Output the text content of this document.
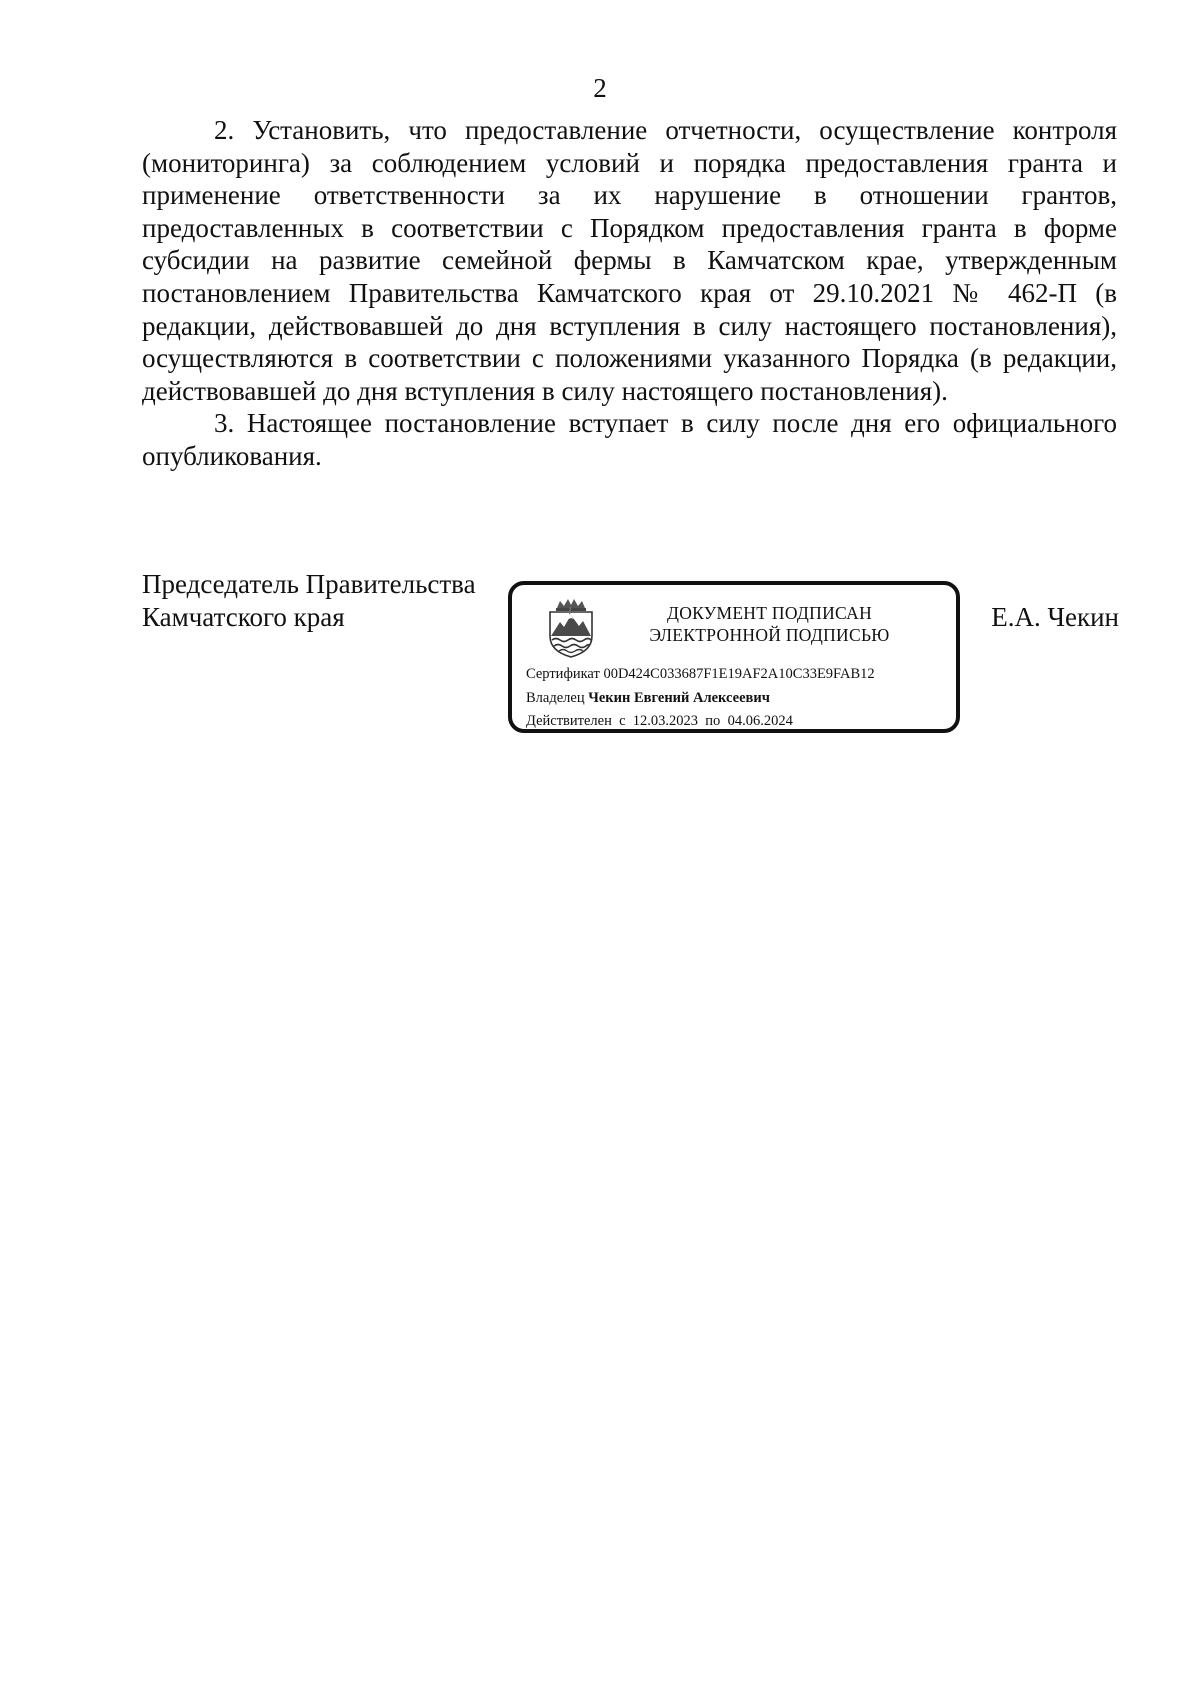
2

2. Установить, что предоставление отчетности, осуществление контроля (мониторинга) за соблюдением условий и порядка предоставления гранта и применение ответственности за их нарушение в отношении грантов, предоставленных в соответствии с Порядком предоставления гранта в форме субсидии на развитие семейной фермы в Камчатском крае, утвержденным постановлением Правительства Камчатского края от 29.10.2021 № 462-П (в редакции, действовавшей до дня вступления в силу настоящего постановления), осуществляются в соответствии с положениями указанного Порядка (в редакции, действовавшей до дня вступления в силу настоящего постановления).

3. Настоящее постановление вступает в силу после дня его официального опубликования.

Председатель Правительства
Камчатского края	ДОКУМЕНТ ПОДПИСАН
ЭЛЕКТРОННОЙ ПОДПИСЬЮ
Сертификат 00D424C033687F1E19AF2A10C33E9FAB12
Владелец Чекин Евгений Алексеевич
Действителен с 12.03.2023 по 04.06.2024
Е.А. Чекин
